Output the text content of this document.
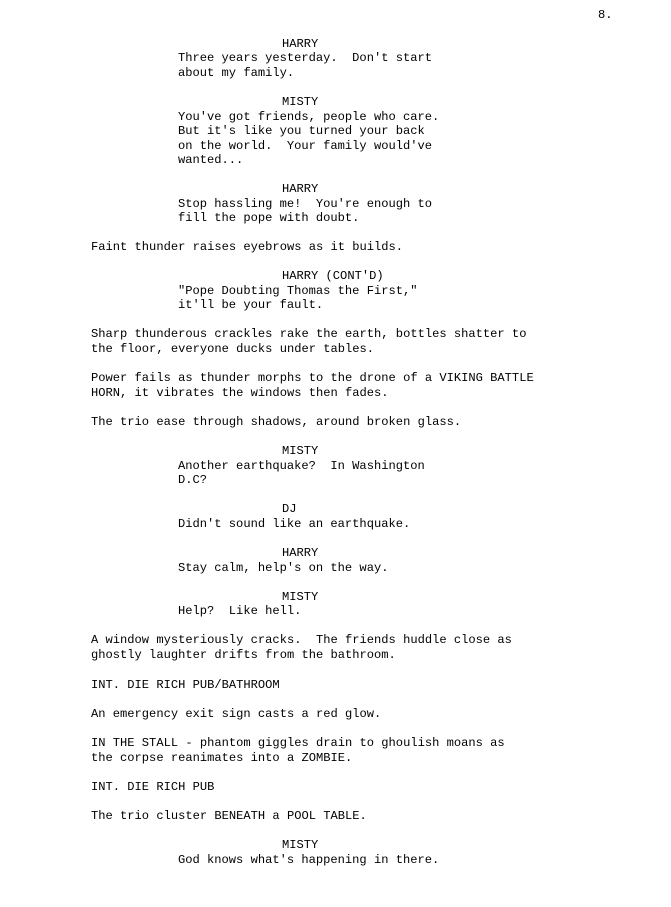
8.
HARRY
Three years yesterday.  Don't start
about my family.
MISTY
You've got friends, people who care.
But it's like you turned your back
on the world.  Your family would've
wanted...
HARRY
Stop hassling me!  You're enough to
fill the pope with doubt.
Faint thunder raises eyebrows as it builds.
HARRY (CONT'D)
"Pope Doubting Thomas the First,"
it'll be your fault.
Sharp thunderous crackles rake the earth, bottles shatter to
the floor, everyone ducks under tables.
Power fails as thunder morphs to the drone of a VIKING BATTLE
HORN, it vibrates the windows then fades.
The trio ease through shadows, around broken glass.
MISTY
Another earthquake?  In Washington
D.C?
DJ
Didn't sound like an earthquake.
HARRY
Stay calm, help's on the way.
MISTY
Help?  Like hell.
A window mysteriously cracks.  The friends huddle close as
ghostly laughter drifts from the bathroom.
INT. DIE RICH PUB/BATHROOM
An emergency exit sign casts a red glow.
IN THE STALL - phantom giggles drain to ghoulish moans as
the corpse reanimates into a ZOMBIE.
INT. DIE RICH PUB
The trio cluster BENEATH a POOL TABLE.
MISTY
God knows what's happening in there.
